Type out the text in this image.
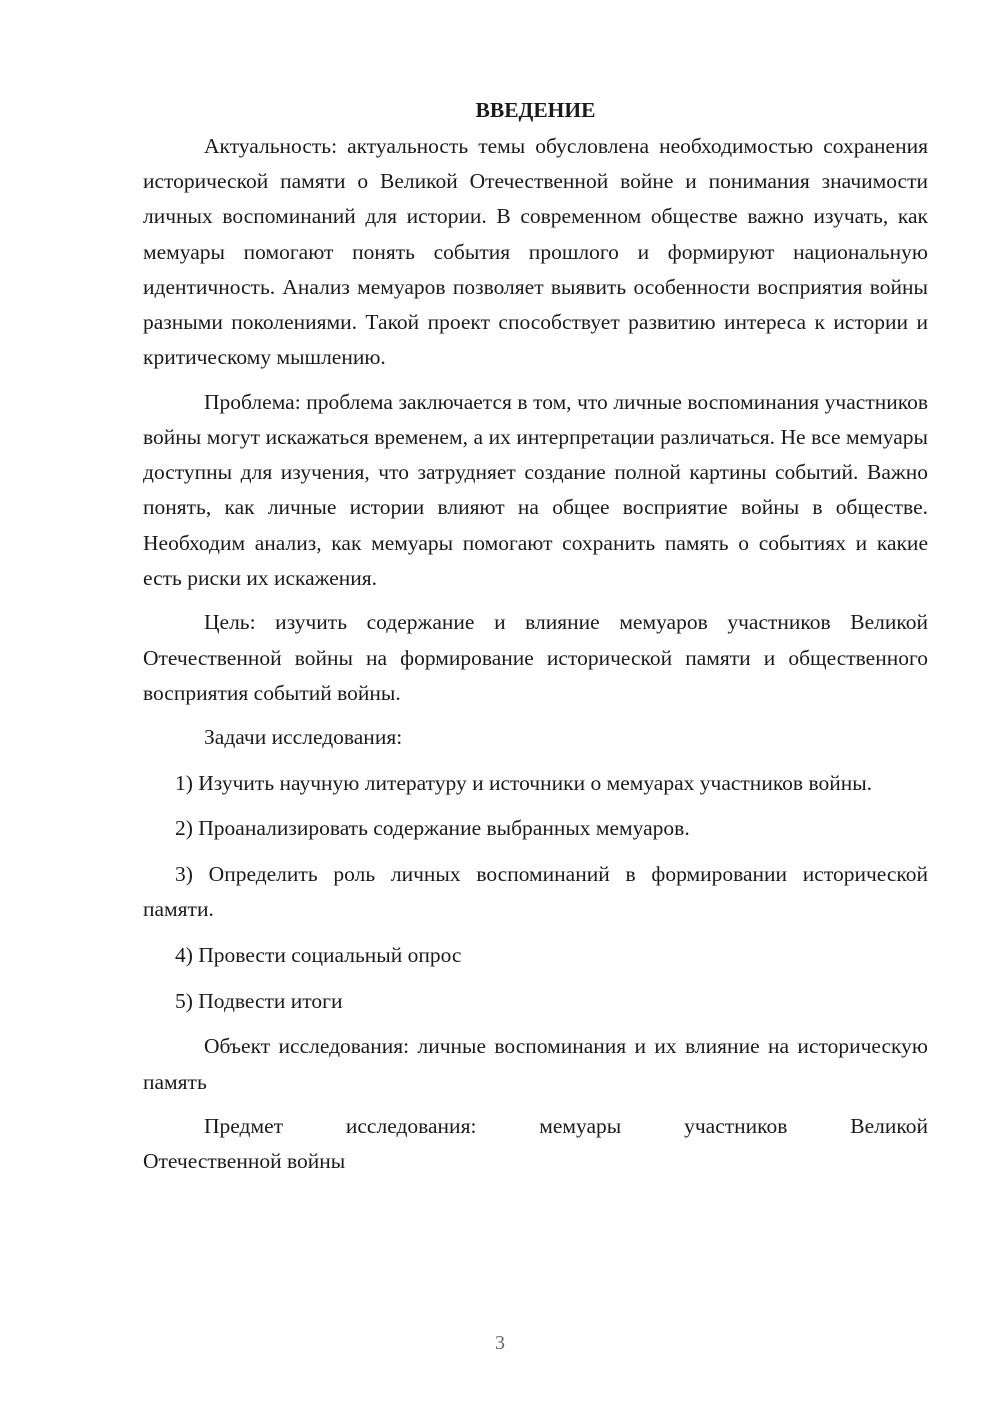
ВВЕДЕНИЕ

Актуальность: актуальность темы обусловлена необходимостью сохранения исторической памяти о Великой Отечественной войне и понимания значимости личных воспоминаний для истории. В современном обществе важно изучать, как мемуары помогают понять события прошлого и формируют национальную идентичность. Анализ мемуаров позволяет выявить особенности восприятия войны разными поколениями. Такой проект способствует развитию интереса к истории и критическому мышлению.

Проблема: проблема заключается в том, что личные воспоминания участников войны могут искажаться временем, а их интерпретации различаться. Не все мемуары доступны для изучения, что затрудняет создание полной картины событий. Важно понять, как личные истории влияют на общее восприятие войны в обществе. Необходим анализ, как мемуары помогают сохранить память о событиях и какие есть риски их искажения.

Цель: изучить содержание и влияние мемуаров участников Великой Отечественной войны на формирование исторической памяти и общественного восприятия событий войны.

Задачи исследования:

1) Изучить научную литературу и источники о мемуарах участников войны.

2) Проанализировать содержание выбранных мемуаров.

3) Определить роль личных воспоминаний в формировании исторической памяти.

4) Провести социальный опрос

5) Подвести итоги

Объект исследования: личные воспоминания и их влияние на историческую память

Предмет исследования: мемуары участников Великой
Отечественной войны

3
